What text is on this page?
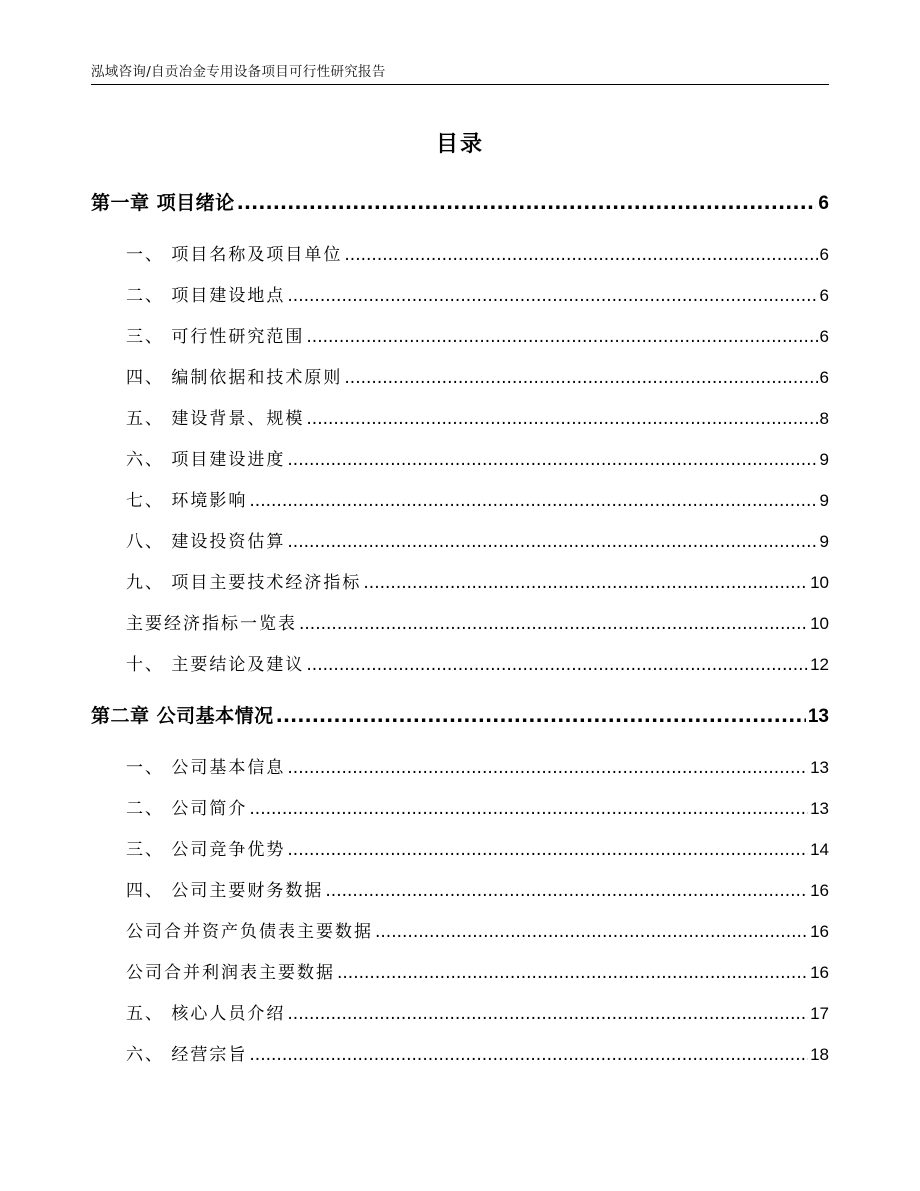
泓域咨询/自贡冶金专用设备项目可行性研究报告
目录
第一章 项目绪论 .....	6
一、 项目名称及项目单位 .....	6
二、 项目建设地点 .....	6
三、 可行性研究范围 .....	6
四、 编制依据和技术原则 .....	6
五、 建设背景、规模 .....	8
六、 项目建设进度 .....	9
七、 环境影响 .....	9
八、 建设投资估算 .....	9
九、 项目主要技术经济指标 .....	10
主要经济指标一览表 .....	10
十、 主要结论及建议 .....	12
第二章 公司基本情况 .....	13
一、 公司基本信息 .....	13
二、 公司简介 .....	13
三、 公司竞争优势 .....	14
四、 公司主要财务数据 .....	16
公司合并资产负债表主要数据 .....	16
公司合并利润表主要数据 .....	16
五、 核心人员介绍 .....	17
六、 经营宗旨 .....	18
